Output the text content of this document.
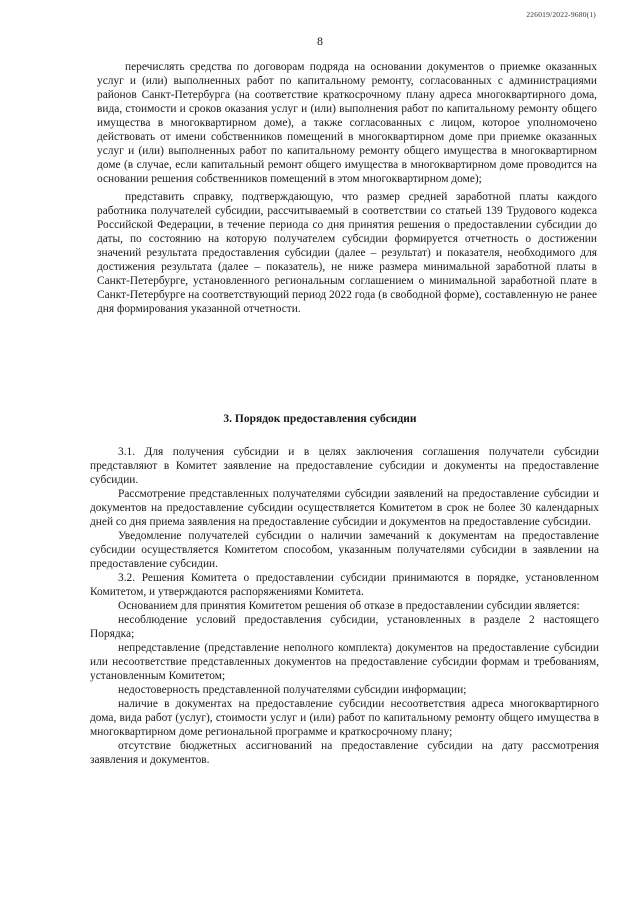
226019/2022-9680(1)
8

перечислять средства по договорам подряда на основании документов о приемке оказанных услуг и (или) выполненных работ по капитальному ремонту, согласованных с администрациями районов Санкт-Петербурга (на соответствие краткосрочному плану адреса многоквартирного дома, вида, стоимости и сроков оказания услуг и (или) выполнения работ по капитальному ремонту общего имущества в многоквартирном доме), а также согласованных с лицом, которое уполномочено действовать от имени собственников помещений в многоквартирном доме при приемке оказанных услуг и (или) выполненных работ по капитальному ремонту общего имущества в многоквартирном доме (в случае, если капитальный ремонт общего имущества в многоквартирном доме проводится на основании решения собственников помещений в этом многоквартирном доме);

представить справку, подтверждающую, что размер средней заработной платы каждого работника получателей субсидии, рассчитываемый в соответствии со статьей 139 Трудового кодекса Российской Федерации, в течение периода со дня принятия решения о предоставлении субсидии до даты, по состоянию на которую получателем субсидии формируется отчетность о достижении значений результата предоставления субсидии (далее – результат) и показателя, необходимого для достижения результата (далее – показатель), не ниже размера минимальной заработной платы в Санкт-Петербурге, установленного региональным соглашением о минимальной заработной плате в Санкт-Петербурге на соответствующий период 2022 года (в свободной форме), составленную не ранее дня формирования указанной отчетности.

3. Порядок предоставления субсидии

3.1. Для получения субсидии и в целях заключения соглашения получатели субсидии представляют в Комитет заявление на предоставление субсидии и документы на предоставление субсидии.

Рассмотрение представленных получателями субсидии заявлений на предоставление субсидии и документов на предоставление субсидии осуществляется Комитетом в срок не более 30 календарных дней со дня приема заявления на предоставление субсидии и документов на предоставление субсидии.

Уведомление получателей субсидии о наличии замечаний к документам на предоставление субсидии осуществляется Комитетом способом, указанным получателями субсидии в заявлении на предоставление субсидии.

3.2. Решения Комитета о предоставлении субсидии принимаются в порядке, установленном Комитетом, и утверждаются распоряжениями Комитета.

Основанием для принятия Комитетом решения об отказе в предоставлении субсидии является:

несоблюдение условий предоставления субсидии, установленных в разделе 2 настоящего Порядка;

непредставление (представление неполного комплекта) документов на предоставление субсидии или несоответствие представленных документов на предоставление субсидии формам и требованиям, установленным Комитетом;

недостоверность представленной получателями субсидии информации;

наличие в документах на предоставление субсидии несоответствия адреса многоквартирного дома, вида работ (услуг), стоимости услуг и (или) работ по капитальному ремонту общего имущества в многоквартирном доме региональной программе и краткосрочному плану;

отсутствие бюджетных ассигнований на предоставление субсидии на дату рассмотрения заявления и документов.
